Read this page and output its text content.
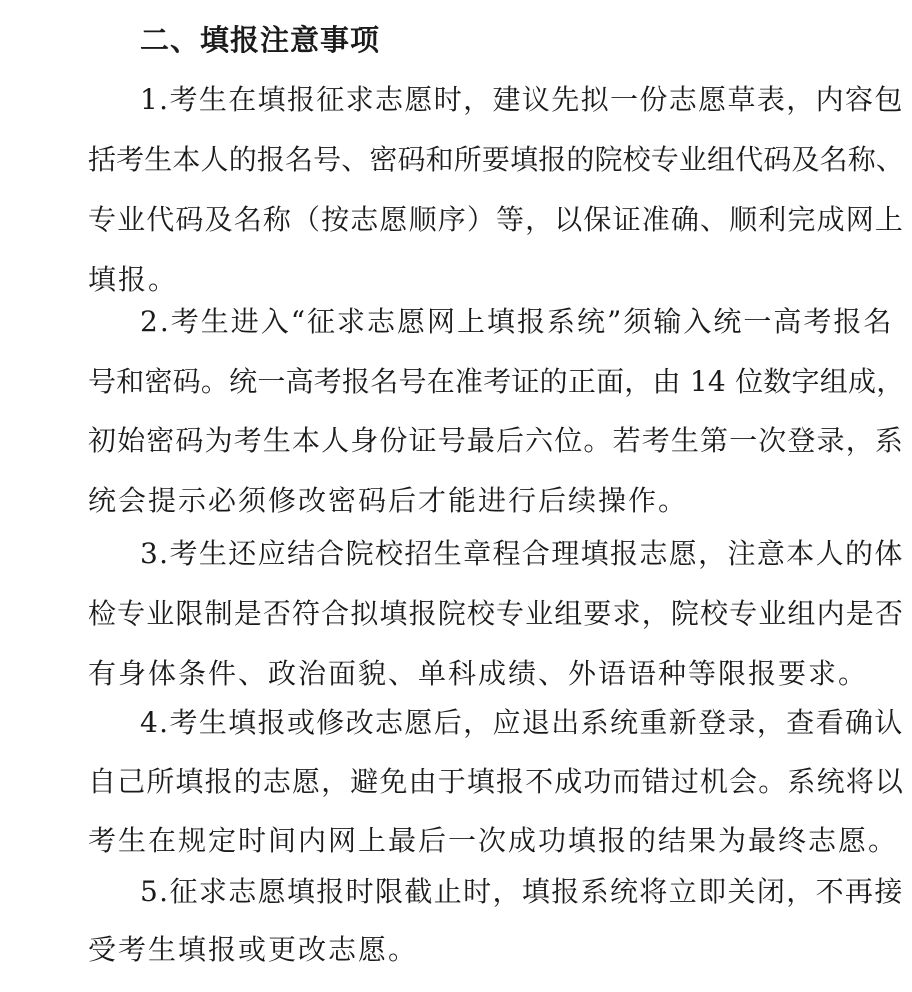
二、填报注意事项
1.考生在填报征求志愿时，建议先拟一份志愿草表，内容包
括考生本人的报名号、密码和所要填报的院校专业组代码及名称、
专业代码及名称（按志愿顺序）等，以保证准确、顺利完成网上
填报。
2.考生进入“征求志愿网上填报系统”须输入统一高考报名
号和密码。统一高考报名号在准考证的正面，由 14 位数字组成，
初始密码为考生本人身份证号最后六位。若考生第一次登录，系
统会提示必须修改密码后才能进行后续操作。
3.考生还应结合院校招生章程合理填报志愿，注意本人的体
检专业限制是否符合拟填报院校专业组要求，院校专业组内是否
有身体条件、政治面貌、单科成绩、外语语种等限报要求。
4.考生填报或修改志愿后，应退出系统重新登录，查看确认
自己所填报的志愿，避免由于填报不成功而错过机会。系统将以
考生在规定时间内网上最后一次成功填报的结果为最终志愿。
5.征求志愿填报时限截止时，填报系统将立即关闭，不再接
受考生填报或更改志愿。
